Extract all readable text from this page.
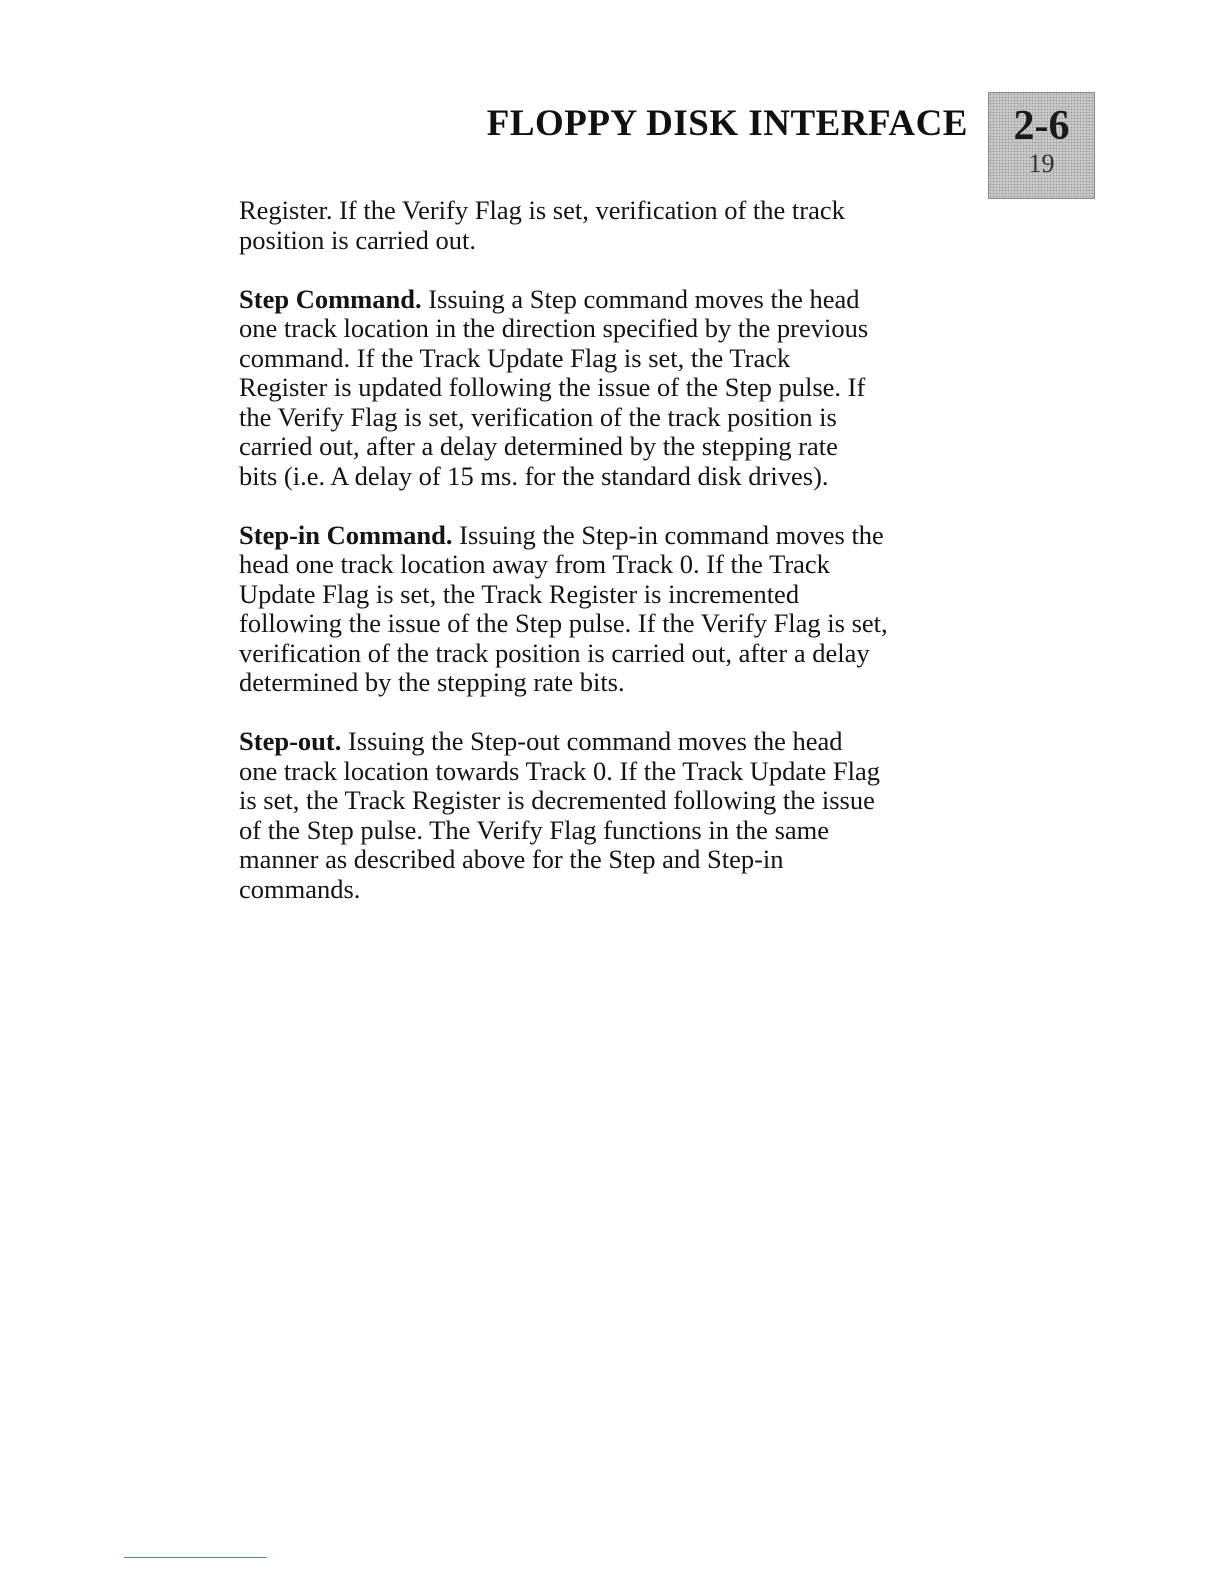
FLOPPY DISK INTERFACE	2-6
19

Register. If the Verify Flag is set, verification of the track
position is carried out.

Step Command. Issuing a Step command moves the head
one track location in the direction specified by the previous
command. If the Track Update Flag is set, the Track
Register is updated following the issue of the Step pulse. If
the Verify Flag is set, verification of the track position is
carried out, after a delay determined by the stepping rate
bits (i.e. A delay of 15 ms. for the standard disk drives).

Step-in Command. Issuing the Step-in command moves the
head one track location away from Track 0. If the Track
Update Flag is set, the Track Register is incremented
following the issue of the Step pulse. If the Verify Flag is set,
verification of the track position is carried out, after a delay
determined by the stepping rate bits.

Step-out. Issuing the Step-out command moves the head
one track location towards Track 0. If the Track Update Flag
is set, the Track Register is decremented following the issue
of the Step pulse. The Verify Flag functions in the same
manner as described above for the Step and Step-in
commands.
